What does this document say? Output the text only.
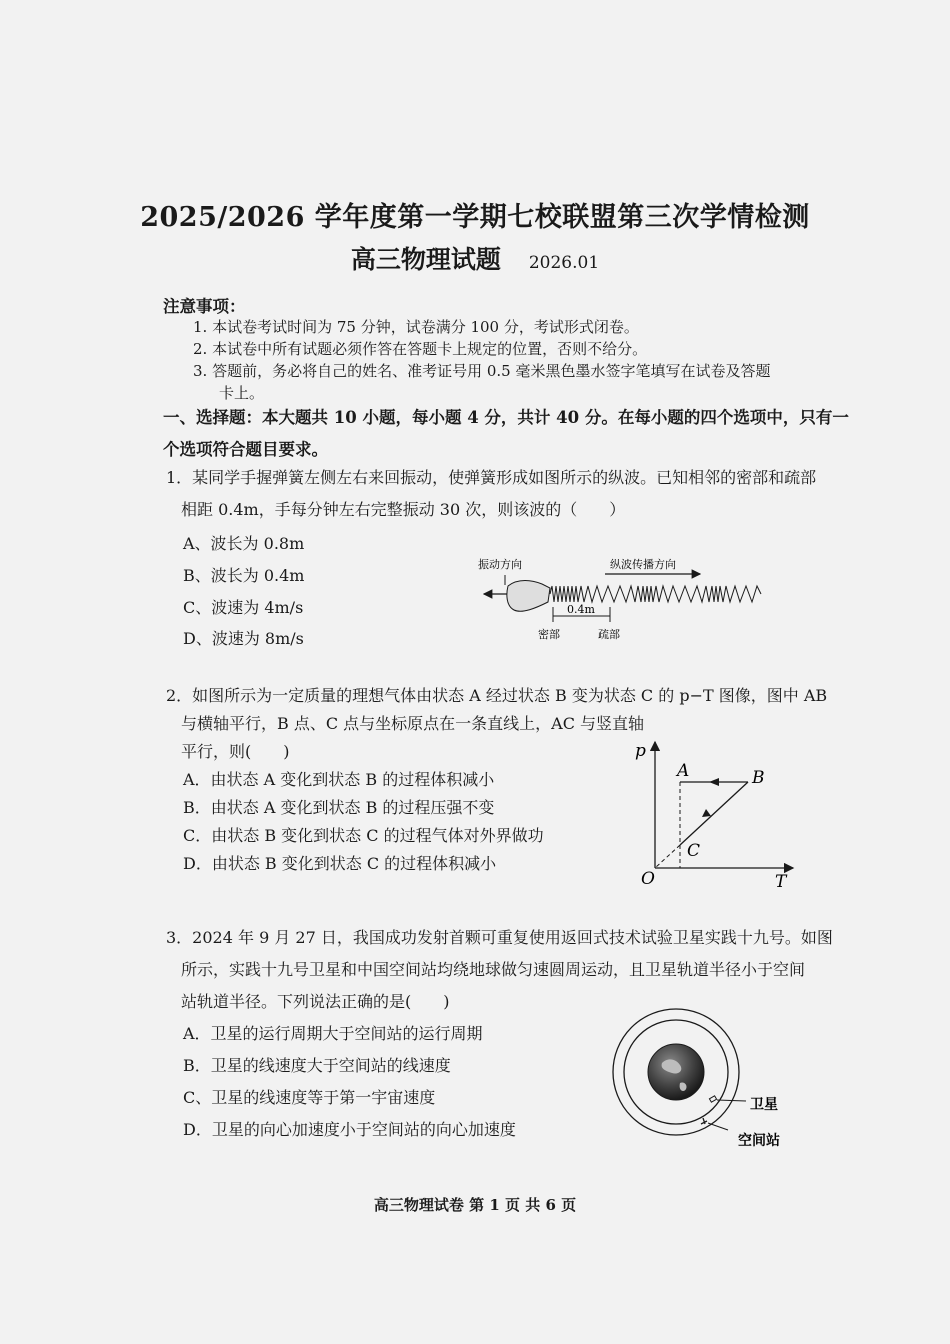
2025/2026 学年度第一学期七校联盟第三次学情检测
高三物理试题 2026.01
注意事项：
1. 本试卷考试时间为 75 分钟，试卷满分 100 分，考试形式闭卷。
2. 本试卷中所有试题必须作答在答题卡上规定的位置，否则不给分。
3. 答题前，务必将自己的姓名、准考证号用 0.5 毫米黑色墨水签字笔填写在试卷及答题
卡上。
一、选择题：本大题共 10 小题，每小题 4 分，共计 40 分。在每小题的四个选项中，只有一
个选项符合题目要求。
1．某同学手握弹簧左侧左右来回振动，使弹簧形成如图所示的纵波。已知相邻的密部和疏部
相距 0.4m，手每分钟左右完整振动 30 次，则该波的（　　）
A、波长为 0.8m
B、波长为 0.4m
C、波速为 4m/s
D、波速为 8m/s
振动方向	纵波传播方向
0.4m
密部	疏部
2．如图所示为一定质量的理想气体由状态 A 经过状态 B 变为状态 C 的 p−T 图像，图中 AB
与横轴平行，B 点、C 点与坐标原点在一条直线上，AC 与竖直轴
平行，则(　　)
A．由状态 A 变化到状态 B 的过程体积减小
B．由状态 A 变化到状态 B 的过程压强不变
C．由状态 B 变化到状态 C 的过程气体对外界做功
D．由状态 B 变化到状态 C 的过程体积减小
p
T
O
A	B
C
3．2024 年 9 月 27 日，我国成功发射首颗可重复使用返回式技术试验卫星实践十九号。如图
所示，实践十九号卫星和中国空间站均绕地球做匀速圆周运动，且卫星轨道半径小于空间
站轨道半径。下列说法正确的是(　　)
A．卫星的运行周期大于空间站的运行周期
B．卫星的线速度大于空间站的线速度
C、卫星的线速度等于第一宇宙速度
D．卫星的向心加速度小于空间站的向心加速度
卫星
空间站
高三物理试卷 第 1 页 共 6 页
